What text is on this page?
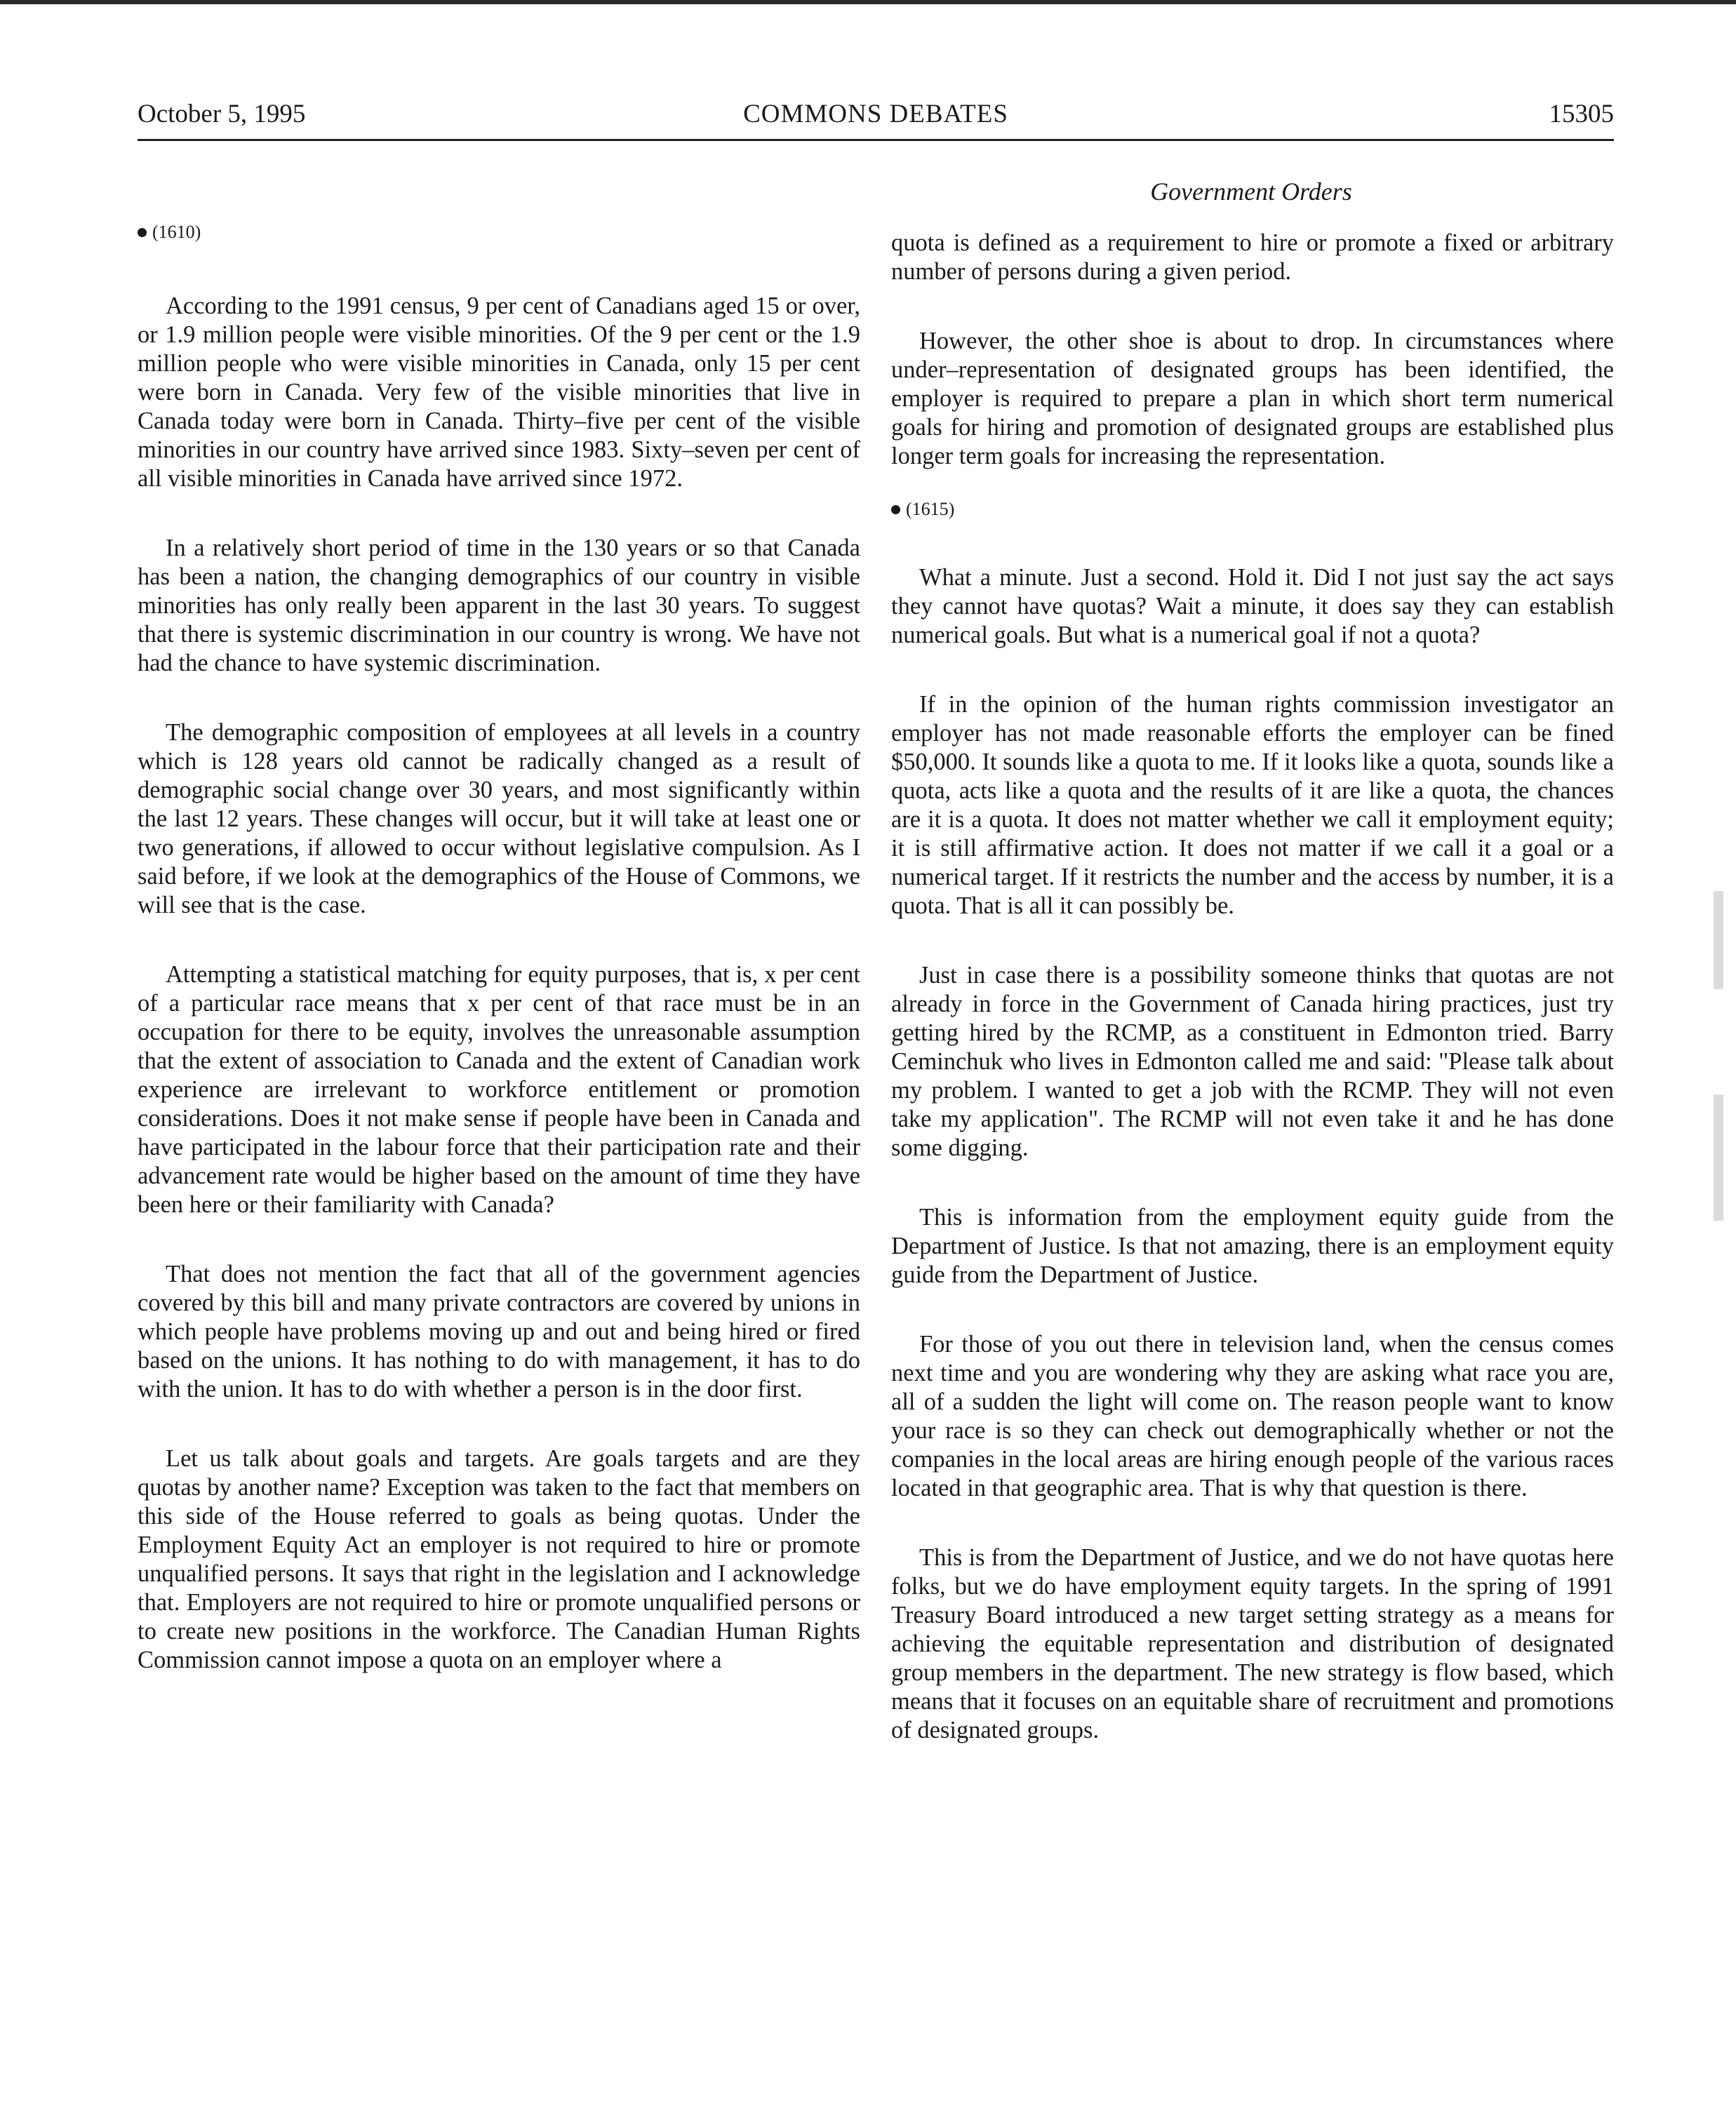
COMMONS DEBATES
October 5, 1995	15305
Government Orders
(1610)

According to the 1991 census, 9 per cent of Canadians aged 15 or over, or 1.9 million people were visible minorities. Of the 9 per cent or the 1.9 million people who were visible minorities in Canada, only 15 per cent were born in Canada. Very few of the visible minorities that live in Canada today were born in Canada. Thirty–five per cent of the visible minorities in our country have arrived since 1983. Sixty–seven per cent of all visible minorities in Canada have arrived since 1972.

In a relatively short period of time in the 130 years or so that Canada has been a nation, the changing demographics of our country in visible minorities has only really been apparent in the last 30 years. To suggest that there is systemic discrimination in our country is wrong. We have not had the chance to have systemic discrimination.

The demographic composition of employees at all levels in a country which is 128 years old cannot be radically changed as a result of demographic social change over 30 years, and most significantly within the last 12 years. These changes will occur, but it will take at least one or two generations, if allowed to occur without legislative compulsion. As I said before, if we look at the demographics of the House of Commons, we will see that is the case.

Attempting a statistical matching for equity purposes, that is, x per cent of a particular race means that x per cent of that race must be in an occupation for there to be equity, involves the unreasonable assumption that the extent of association to Canada and the extent of Canadian work experience are irrelevant to workforce entitlement or promotion considerations. Does it not make sense if people have been in Canada and have participated in the labour force that their participation rate and their advancement rate would be higher based on the amount of time they have been here or their familiarity with Canada?

That does not mention the fact that all of the government agencies covered by this bill and many private contractors are covered by unions in which people have problems moving up and out and being hired or fired based on the unions. It has nothing to do with management, it has to do with the union. It has to do with whether a person is in the door first.

Let us talk about goals and targets. Are goals targets and are they quotas by another name? Exception was taken to the fact that members on this side of the House referred to goals as being quotas. Under the Employment Equity Act an employer is not required to hire or promote unqualified persons. It says that right in the legislation and I acknowledge that. Employers are not required to hire or promote unqualified persons or to create new positions in the workforce. The Canadian Human Rights Commission cannot impose a quota on an employer where a

quota is defined as a requirement to hire or promote a fixed or arbitrary number of persons during a given period.

However, the other shoe is about to drop. In circumstances where under–representation of designated groups has been identified, the employer is required to prepare a plan in which short term numerical goals for hiring and promotion of designated groups are established plus longer term goals for increasing the representation.

(1615)

What a minute. Just a second. Hold it. Did I not just say the act says they cannot have quotas? Wait a minute, it does say they can establish numerical goals. But what is a numerical goal if not a quota?

If in the opinion of the human rights commission investigator an employer has not made reasonable efforts the employer can be fined $50,000. It sounds like a quota to me. If it looks like a quota, sounds like a quota, acts like a quota and the results of it are like a quota, the chances are it is a quota. It does not matter whether we call it employment equity; it is still affirmative action. It does not matter if we call it a goal or a numerical target. If it restricts the number and the access by number, it is a quota. That is all it can possibly be.

Just in case there is a possibility someone thinks that quotas are not already in force in the Government of Canada hiring practices, just try getting hired by the RCMP, as a constituent in Edmonton tried. Barry Ceminchuk who lives in Edmonton called me and said: "Please talk about my problem. I wanted to get a job with the RCMP. They will not even take my application". The RCMP will not even take it and he has done some digging.

This is information from the employment equity guide from the Department of Justice. Is that not amazing, there is an employment equity guide from the Department of Justice.

For those of you out there in television land, when the census comes next time and you are wondering why they are asking what race you are, all of a sudden the light will come on. The reason people want to know your race is so they can check out demographically whether or not the companies in the local areas are hiring enough people of the various races located in that geographic area. That is why that question is there.

This is from the Department of Justice, and we do not have quotas here folks, but we do have employment equity targets. In the spring of 1991 Treasury Board introduced a new target setting strategy as a means for achieving the equitable representation and distribution of designated group members in the department. The new strategy is flow based, which means that it focuses on an equitable share of recruitment and promotions of designated groups.
